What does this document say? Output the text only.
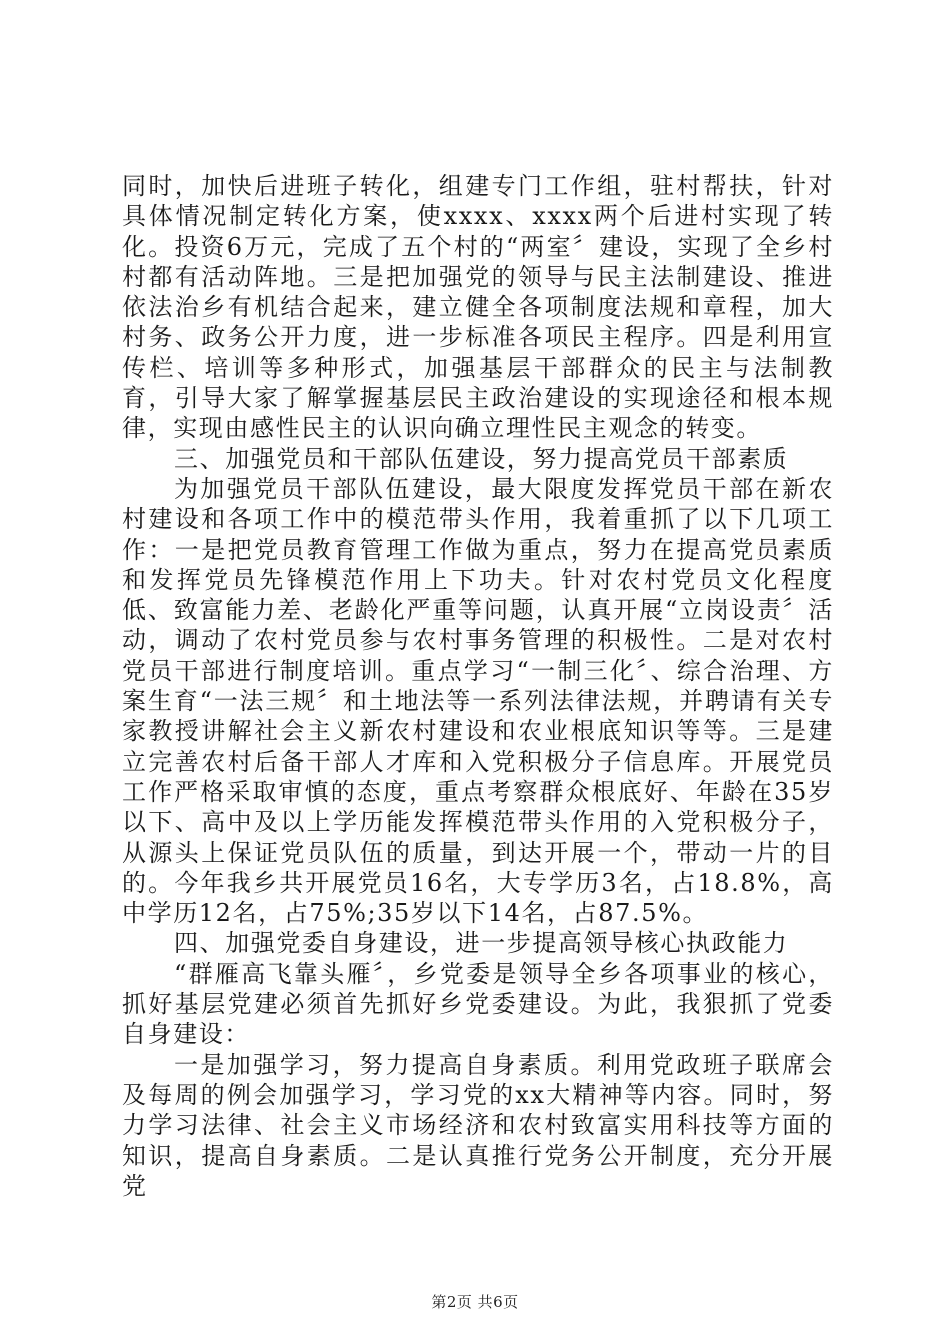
同时，加快后进班子转化，组建专门工作组，驻村帮扶，针对具体情况制定转化方案，使xxxx、xxxx两个后进村实现了转化。投资6万元，完成了五个村的“两室〞建设，实现了全乡村村都有活动阵地。三是把加强党的领导与民主法制建设、推进依法治乡有机结合起来，建立健全各项制度法规和章程，加大村务、政务公开力度，进一步标准各项民主程序。四是利用宣传栏、培训等多种形式，加强基层干部群众的民主与法制教育，引导大家了解掌握基层民主政治建设的实现途径和根本规律，实现由感性民主的认识向确立理性民主观念的转变。

三、加强党员和干部队伍建设，努力提高党员干部素质

为加强党员干部队伍建设，最大限度发挥党员干部在新农村建设和各项工作中的模范带头作用，我着重抓了以下几项工作：一是把党员教育管理工作做为重点，努力在提高党员素质和发挥党员先锋模范作用上下功夫。针对农村党员文化程度低、致富能力差、老龄化严重等问题，认真开展“立岗设责〞活动，调动了农村党员参与农村事务管理的积极性。二是对农村党员干部进行制度培训。重点学习“一制三化〞、综合治理、方案生育“一法三规〞和土地法等一系列法律法规，并聘请有关专家教授讲解社会主义新农村建设和农业根底知识等等。三是建立完善农村后备干部人才库和入党积极分子信息库。开展党员工作严格采取审慎的态度，重点考察群众根底好、年龄在35岁以下、高中及以上学历能发挥模范带头作用的入党积极分子，从源头上保证党员队伍的质量，到达开展一个，带动一片的目的。今年我乡共开展党员16名，大专学历3名，占18.8%，高中学历12名，占75%;35岁以下14名，占87.5%。

四、加强党委自身建设，进一步提高领导核心执政能力

“群雁高飞靠头雁〞，乡党委是领导全乡各项事业的核心，抓好基层党建必须首先抓好乡党委建设。为此，我狠抓了党委自身建设：

一是加强学习，努力提高自身素质。利用党政班子联席会及每周的例会加强学习，学习党的xx大精神等内容。同时，努力学习法律、社会主义市场经济和农村致富实用科技等方面的知识，提高自身素质。二是认真推行党务公开制度，充分开展党

第2页 共6页
